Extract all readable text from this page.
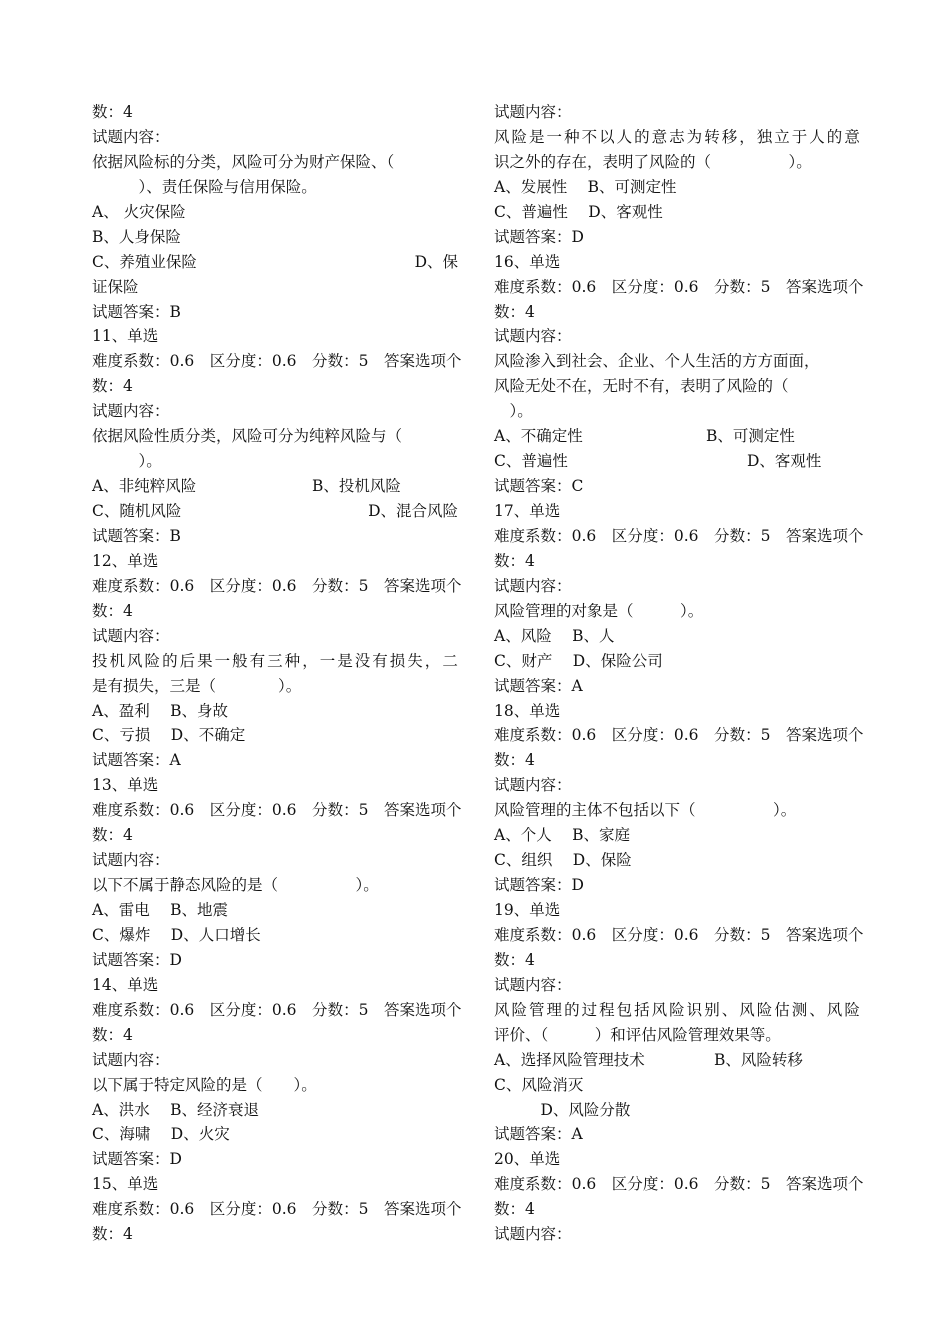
数：4
试题内容：
依据风险标的分类，风险可分为财产保险、（
　　　）、责任保险与信用保险。
A、 火灾保险
B、人身保险
C、养殖业保险	D、保
证保险
试题答案：B
11、单选
难 度 系 数 ： 0 . 6
　 区 分 度 ： 0 . 6
　 分 数 ： 5
　 答 案 选 项 个
数：4
试题内容：
依据风险性质分类，风险可分为纯粹风险与（
　　　）。
A、非纯粹风险	B、投机风险
C、随机风险	D、混合风险
试题答案：B
12、单选
难 度 系 数 ： 0 . 6
　 区 分 度 ： 0 . 6
　 分 数 ： 5
　 答 案 选 项 个
数：4
试题内容：
投 机 风 险 的 后 果 一 般 有 三 种 ， 一 是 没 有 损 失 ， 二
是有损失，三是（　　　　）。
A、盈利　 B、身故
C、亏损　 D、不确定
试题答案：A
13、单选
难 度 系 数 ： 0 . 6
　 区 分 度 ： 0 . 6
　 分 数 ： 5
　 答 案 选 项 个
数：4
试题内容：
以下不属于静态风险的是（　　　　　）。
A、雷电　 B、地震
C、爆炸　 D、人口增长
试题答案：D
14、单选
难 度 系 数 ： 0 . 6
　 区 分 度 ： 0 . 6
　 分 数 ： 5
　 答 案 选 项 个
数：4
试题内容：
以下属于特定风险的是（　　）。
A、洪水　 B、经济衰退
C、海啸　 D、火灾
试题答案：D
15、单选
难 度 系 数 ： 0 . 6
　 区 分 度 ： 0 . 6
　 分 数 ： 5
　 答 案 选 项 个
数：4
试题内容：
风 险 是 一 种 不 以 人 的 意 志 为 转 移 ， 独 立 于 人 的 意
识之外的存在，表明了风险的（　　　　　）。
A、发展性　 B、可测定性
C、普遍性　 D、客观性
试题答案：D
16、单选
难 度 系 数 ： 0 . 6
　 区 分 度 ： 0 . 6
　 分 数 ： 5
　 答 案 选 项 个
数：4
试题内容：
风险渗入到社会、企业、个人生活的方方面面，
风险无处不在，无时不有，表明了风险的（
　）。
A、不确定性	B、可测定性
C、普遍性	D、客观性
试题答案：C
17、单选
难 度 系 数 ： 0 . 6
　 区 分 度 ： 0 . 6
　 分 数 ： 5
　 答 案 选 项 个
数：4
试题内容：
风险管理的对象是（　　　）。
A、风险　 B、人
C、财产　 D、保险公司
试题答案：A
18、单选
难 度 系 数 ： 0 . 6
　 区 分 度 ： 0 . 6
　 分 数 ： 5
　 答 案 选 项 个
数：4
试题内容：
风险管理的主体不包括以下（　　　　　）。
A、个人　 B、家庭
C、组织　 D、保险
试题答案：D
19、单选
难 度 系 数 ： 0 . 6
　 区 分 度 ： 0 . 6
　 分 数 ： 5
　 答 案 选 项 个
数：4
试题内容：
风 险 管 理 的 过 程 包 括 风 险 识 别 、 风 险 估 测 、 风 险
评价、（　　　）和评估风险管理效果等。
A、选择风险管理技术	B、风险转移
C、风险消灭
　　　D、风险分散
试题答案：A
20、单选
难 度 系 数 ： 0 . 6
　 区 分 度 ： 0 . 6
　 分 数 ： 5
　 答 案 选 项 个
数：4
试题内容：
